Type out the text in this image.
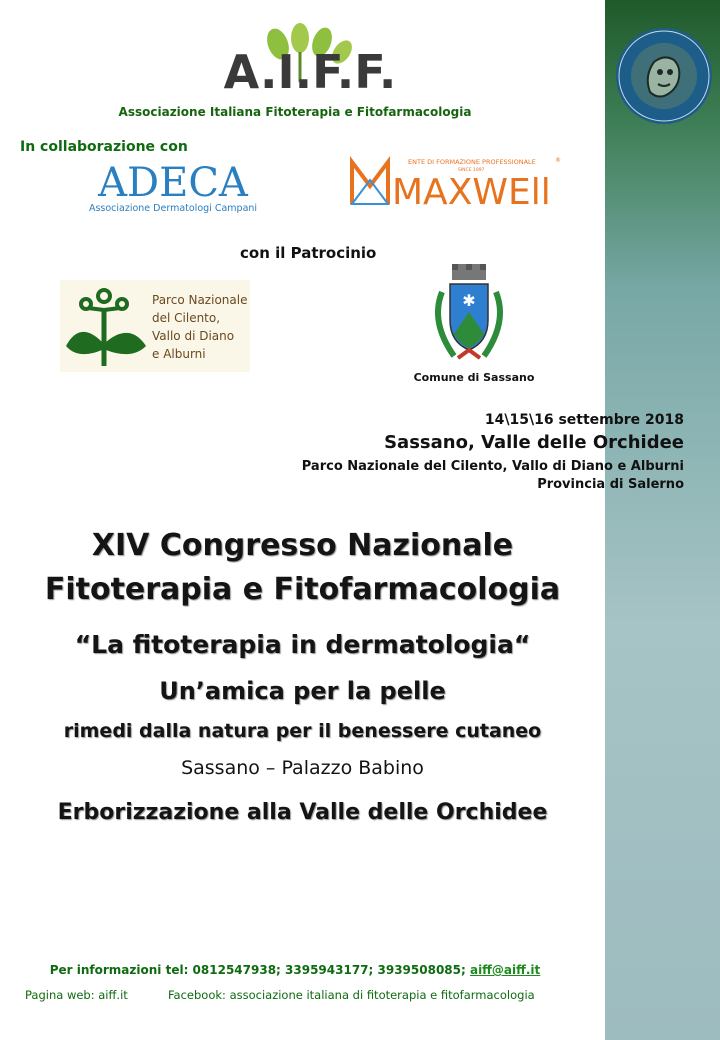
A.I.F.F.
Associazione Italiana Fitoterapia e Fitofarmacologia
In collaborazione con
ADECA
Associazione Dermatologi Campani
ENTE DI FORMAZIONE PROFESSIONALE
SINCE 1997
®
MAXWEll
con il Patrocinio
Parco Nazionale del Cilento, Vallo di Diano e Alburni
✱
Comune di Sassano
14\15\16 settembre 2018
Sassano, Valle delle Orchidee
Parco Nazionale del Cilento, Vallo di Diano e Alburni
Provincia di Salerno
XIV Congresso Nazionale
Fitoterapia e Fitofarmacologia
“La fitoterapia in dermatologia“
Un’amica per la pelle
rimedi dalla natura per il benessere cutaneo
Sassano – Palazzo Babino
Erborizzazione alla Valle delle Orchidee
Per informazioni tel: 0812547938; 3395943177; 3939508085; aiff@aiff.it
Pagina web: aiff.it	Facebook: associazione italiana di fitoterapia e fitofarmacologia
